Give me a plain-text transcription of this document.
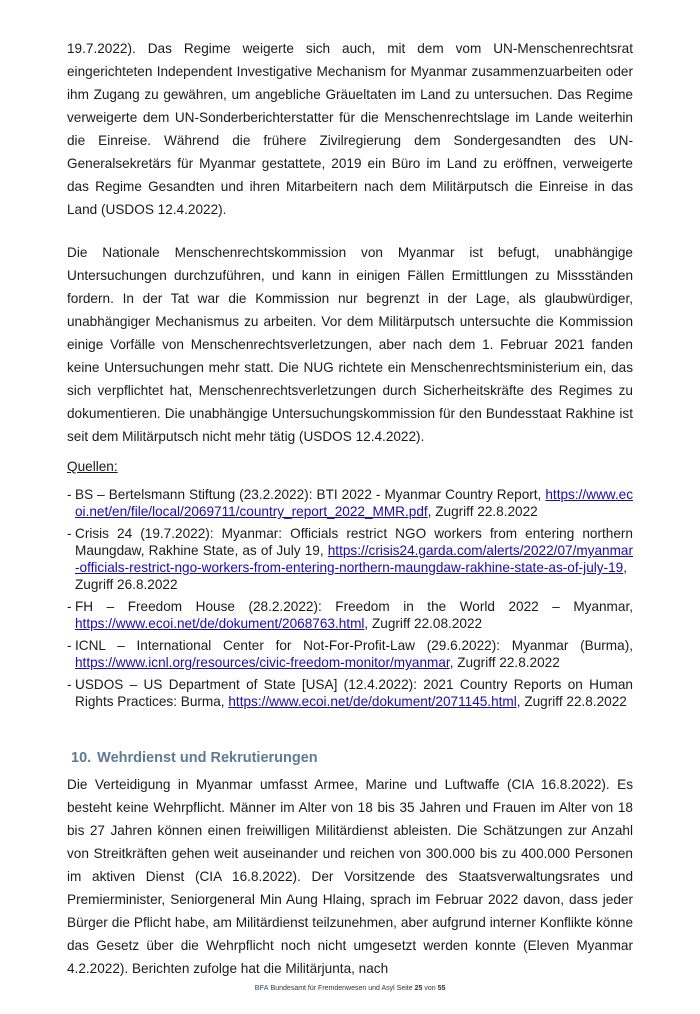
19.7.2022). Das Regime weigerte sich auch, mit dem vom UN-Menschenrechtsrat eingerichteten Independent Investigative Mechanism for Myanmar zusammenzuarbeiten oder ihm Zugang zu gewähren, um angebliche Gräueltaten im Land zu untersuchen. Das Regime verweigerte dem UN-Sonderberichterstatter für die Menschenrechtslage im Lande weiterhin die Einreise. Während die frühere Zivilregierung dem Sondergesandten des UN-Generalsekretärs für Myanmar gestattete, 2019 ein Büro im Land zu eröffnen, verweigerte das Regime Gesandten und ihren Mitarbeitern nach dem Militärputsch die Einreise in das Land (USDOS 12.4.2022).

Die Nationale Menschenrechtskommission von Myanmar ist befugt, unabhängige Untersuchungen durchzuführen, und kann in einigen Fällen Ermittlungen zu Missständen fordern. In der Tat war die Kommission nur begrenzt in der Lage, als glaubwürdiger, unabhängiger Mechanismus zu arbeiten. Vor dem Militärputsch untersuchte die Kommission einige Vorfälle von Menschenrechtsverletzungen, aber nach dem 1. Februar 2021 fanden keine Untersuchungen mehr statt. Die NUG richtete ein Menschenrechtsministerium ein, das sich verpflichtet hat, Menschenrechtsverletzungen durch Sicherheitskräfte des Regimes zu dokumentieren. Die unabhängige Untersuchungskommission für den Bundesstaat Rakhine ist seit dem Militärputsch nicht mehr tätig (USDOS 12.4.2022).

Quellen:
- BS – Bertelsmann Stiftung (23.2.2022): BTI 2022 - Myanmar Country Report, https://www.ecoi.net/en/file/local/2069711/country_report_2022_MMR.pdf, Zugriff 22.8.2022
- Crisis 24 (19.7.2022): Myanmar: Officials restrict NGO workers from entering northern Maungdaw, Rakhine State, as of July 19, https://crisis24.garda.com/alerts/2022/07/myanmar-officials-restrict-ngo-workers-from-entering-northern-maungdaw-rakhine-state-as-of-july-19, Zugriff 26.8.2022
- FH – Freedom House (28.2.2022): Freedom in the World 2022 – Myanmar, https://www.ecoi.net/de/dokument/2068763.html, Zugriff 22.08.2022
- ICNL – International Center for Not-For-Profit-Law (29.6.2022): Myanmar (Burma), https://www.icnl.org/resources/civic-freedom-monitor/myanmar, Zugriff 22.8.2022
- USDOS – US Department of State [USA] (12.4.2022): 2021 Country Reports on Human Rights Practices: Burma, https://www.ecoi.net/de/dokument/2071145.html, Zugriff 22.8.2022
10. Wehrdienst und Rekrutierungen

Die Verteidigung in Myanmar umfasst Armee, Marine und Luftwaffe (CIA 16.8.2022). Es besteht keine Wehrpflicht. Männer im Alter von 18 bis 35 Jahren und Frauen im Alter von 18 bis 27 Jahren können einen freiwilligen Militärdienst ableisten. Die Schätzungen zur Anzahl von Streitkräften gehen weit auseinander und reichen von 300.000 bis zu 400.000 Personen im aktiven Dienst (CIA 16.8.2022). Der Vorsitzende des Staatsverwaltungsrates und Premierminister, Seniorgeneral Min Aung Hlaing, sprach im Februar 2022 davon, dass jeder Bürger die Pflicht habe, am Militärdienst teilzunehmen, aber aufgrund interner Konflikte könne das Gesetz über die Wehrpflicht noch nicht umgesetzt werden konnte (Eleven Myanmar 4.2.2022). Berichten zufolge hat die Militärjunta, nach

BFA Bundesamt für Fremdenwesen und Asyl Seite 25 von 55
